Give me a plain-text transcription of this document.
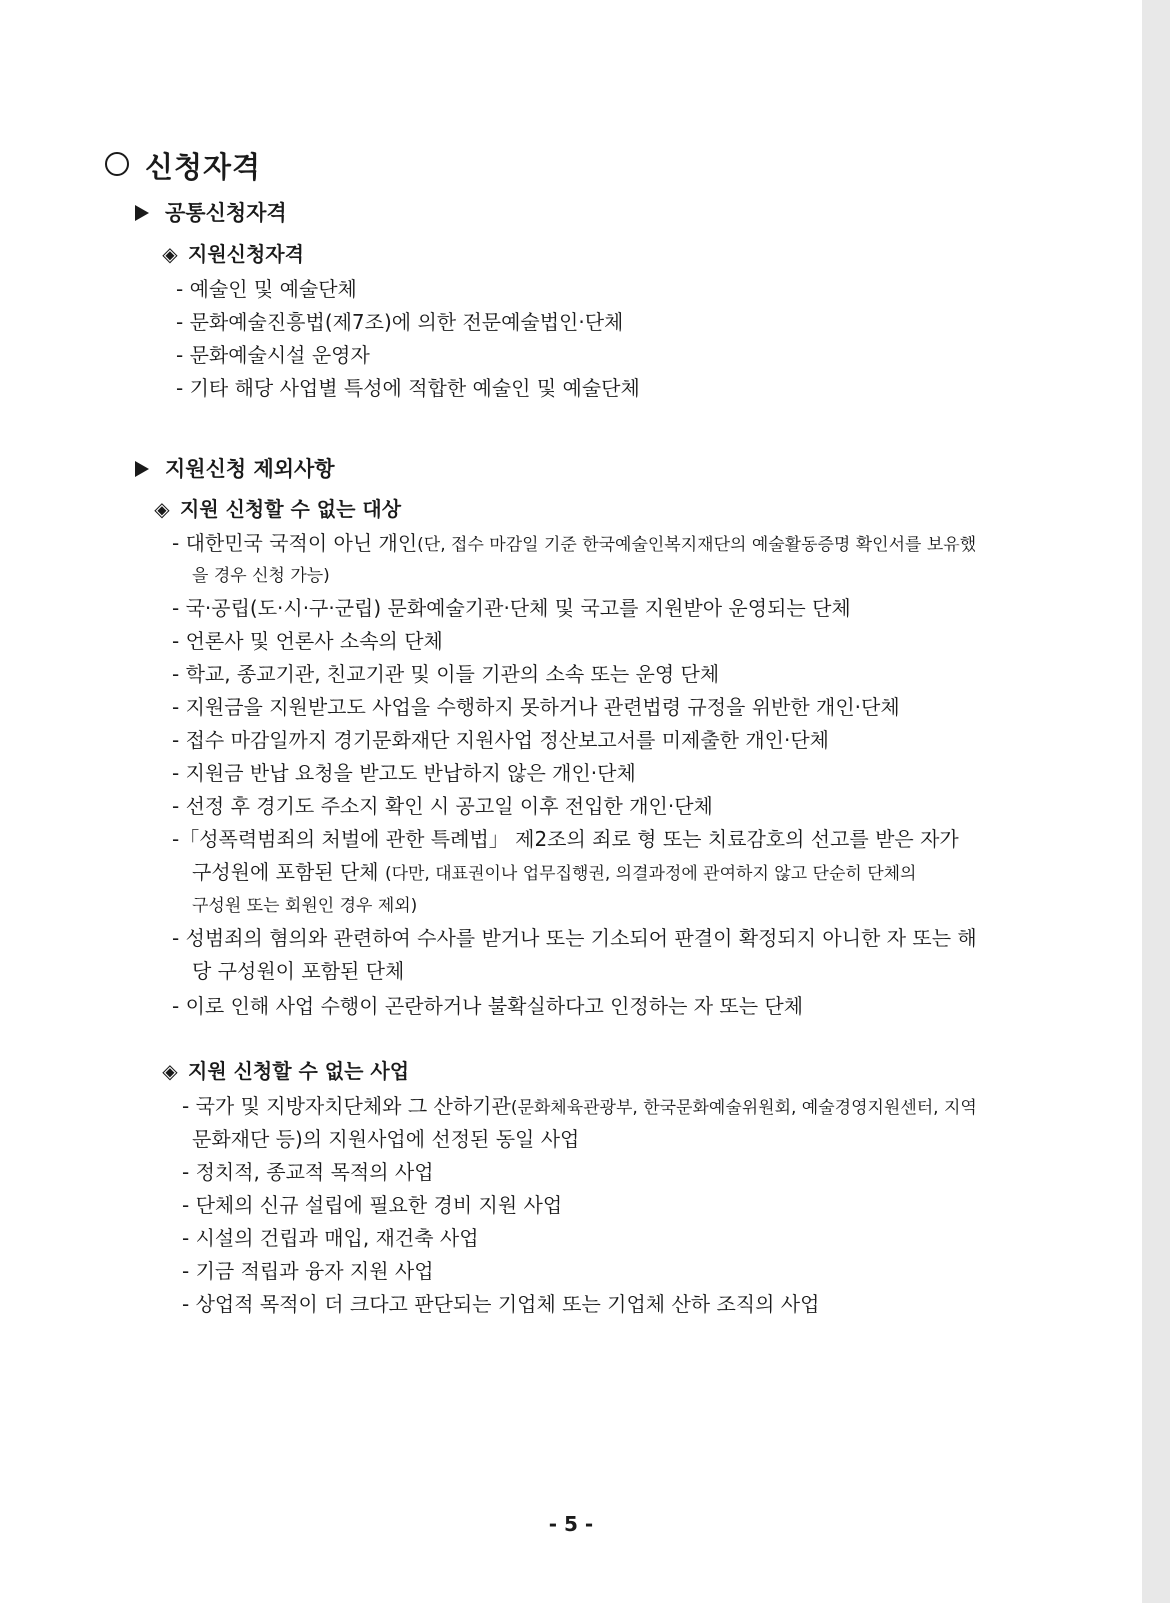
신청자격
공통신청자격
◈ 지원신청자격
- 예술인 및 예술단체
- 문화예술진흥법(제7조)에 의한 전문예술법인·단체
- 문화예술시설 운영자
- 기타 해당 사업별 특성에 적합한 예술인 및 예술단체
지원신청 제외사항
◈ 지원 신청할 수 없는 대상
- 대한민국 국적이 아닌 개인(단, 접수 마감일 기준 한국예술인복지재단의 예술활동증명 확인서를 보유했
을 경우 신청 가능)
- 국·공립(도·시·구·군립) 문화예술기관·단체 및 국고를 지원받아 운영되는 단체
- 언론사 및 언론사 소속의 단체
- 학교, 종교기관, 친교기관 및 이들 기관의 소속 또는 운영 단체
- 지원금을 지원받고도 사업을 수행하지 못하거나 관련법령 규정을 위반한 개인·단체
- 접수 마감일까지 경기문화재단 지원사업 정산보고서를 미제출한 개인·단체
- 지원금 반납 요청을 받고도 반납하지 않은 개인·단체
- 선정 후 경기도 주소지 확인 시 공고일 이후 전입한 개인·단체
-「성폭력범죄의 처벌에 관한 특례법」 제2조의 죄로 형 또는 치료감호의 선고를 받은 자가
구성원에 포함된 단체 (다만, 대표권이나 업무집행권, 의결과정에 관여하지 않고 단순히 단체의
구성원 또는 회원인 경우 제외)
- 성범죄의 혐의와 관련하여 수사를 받거나 또는 기소되어 판결이 확정되지 아니한 자 또는 해
당 구성원이 포함된 단체
- 이로 인해 사업 수행이 곤란하거나 불확실하다고 인정하는 자 또는 단체
◈ 지원 신청할 수 없는 사업
- 국가 및 지방자치단체와 그 산하기관(문화체육관광부, 한국문화예술위원회, 예술경영지원센터, 지역
문화재단 등)의 지원사업에 선정된 동일 사업
- 정치적, 종교적 목적의 사업
- 단체의 신규 설립에 필요한 경비 지원 사업
- 시설의 건립과 매입, 재건축 사업
- 기금 적립과 융자 지원 사업
- 상업적 목적이 더 크다고 판단되는 기업체 또는 기업체 산하 조직의 사업
- 5 -
